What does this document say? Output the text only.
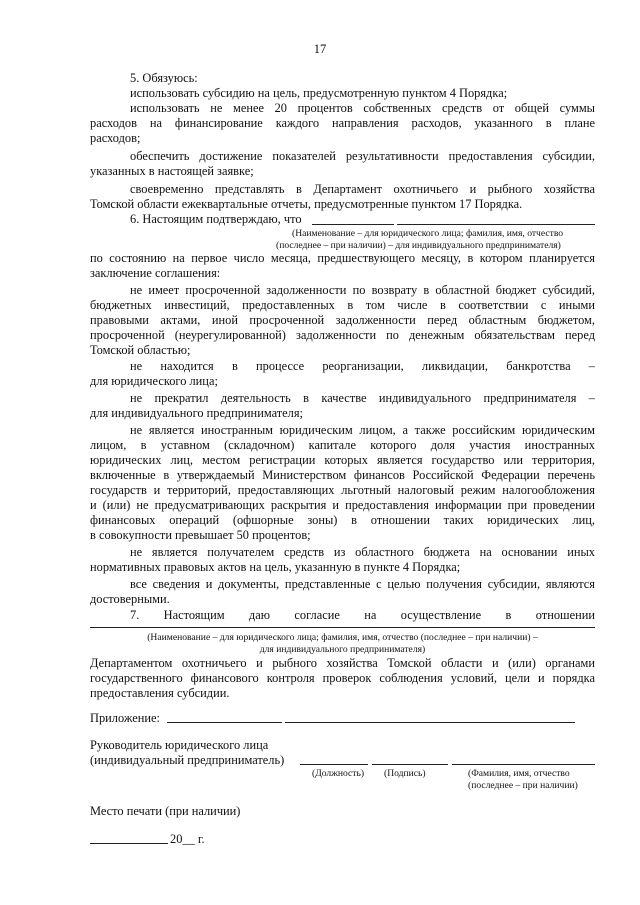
17
5. Обязуюсь:
использовать субсидию на цель, предусмотренную пунктом 4 Порядка;
использовать не менее 20 процентов собственных средств от общей суммы
расходов на финансирование каждого направления расходов, указанного в плане
расходов;
обеспечить достижение показателей результативности предоставления субсидии,
указанных в настоящей заявке;
своевременно представлять в Департамент охотничьего и рыбного хозяйства
Томской области ежеквартальные отчеты, предусмотренные пунктом 17 Порядка.
6. Настоящим подтверждаю, что
(Наименование – для юридического лица; фамилия, имя, отчество
(последнее – при наличии) – для индивидуального предпринимателя)
по состоянию на первое число месяца, предшествующего месяцу, в котором планируется
заключение соглашения:
не имеет просроченной задолженности по возврату в областной бюджет субсидий,
бюджетных инвестиций, предоставленных в том числе в соответствии с иными
правовыми актами, иной просроченной задолженности перед областным бюджетом,
просроченной (неурегулированной) задолженности по денежным обязательствам перед
Томской областью;
не находится в процессе реорганизации, ликвидации, банкротства –
для юридического лица;
не прекратил деятельность в качестве индивидуального предпринимателя –
для индивидуального предпринимателя;
не является иностранным юридическим лицом, а также российским юридическим
лицом, в уставном (складочном) капитале которого доля участия иностранных
юридических лиц, местом регистрации которых является государство или территория,
включенные в утверждаемый Министерством финансов Российской Федерации перечень
государств и территорий, предоставляющих льготный налоговый режим налогообложения
и (или) не предусматривающих раскрытия и предоставления информации при проведении
финансовых операций (офшорные зоны) в отношении таких юридических лиц,
в совокупности превышает 50 процентов;
не является получателем средств из областного бюджета на основании иных
нормативных правовых актов на цель, указанную в пункте 4 Порядка;
все сведения и документы, представленные с целью получения субсидии, являются
достоверными.
7. Настоящим даю согласие на осуществление в отношении
(Наименование – для юридического лица; фамилия, имя, отчество (последнее – при наличии) –
для индивидуального предпринимателя)
Департаментом охотничьего и рыбного хозяйства Томской области и (или) органами
государственного финансового контроля проверок соблюдения условий, цели и порядка
предоставления субсидии.
Приложение:
Руководитель юридического лица
(индивидуальный предприниматель)
(Должность) (Подпись)	(Фамилия, имя, отчество
(последнее – при наличии)
Место печати (при наличии)
20__ г.
